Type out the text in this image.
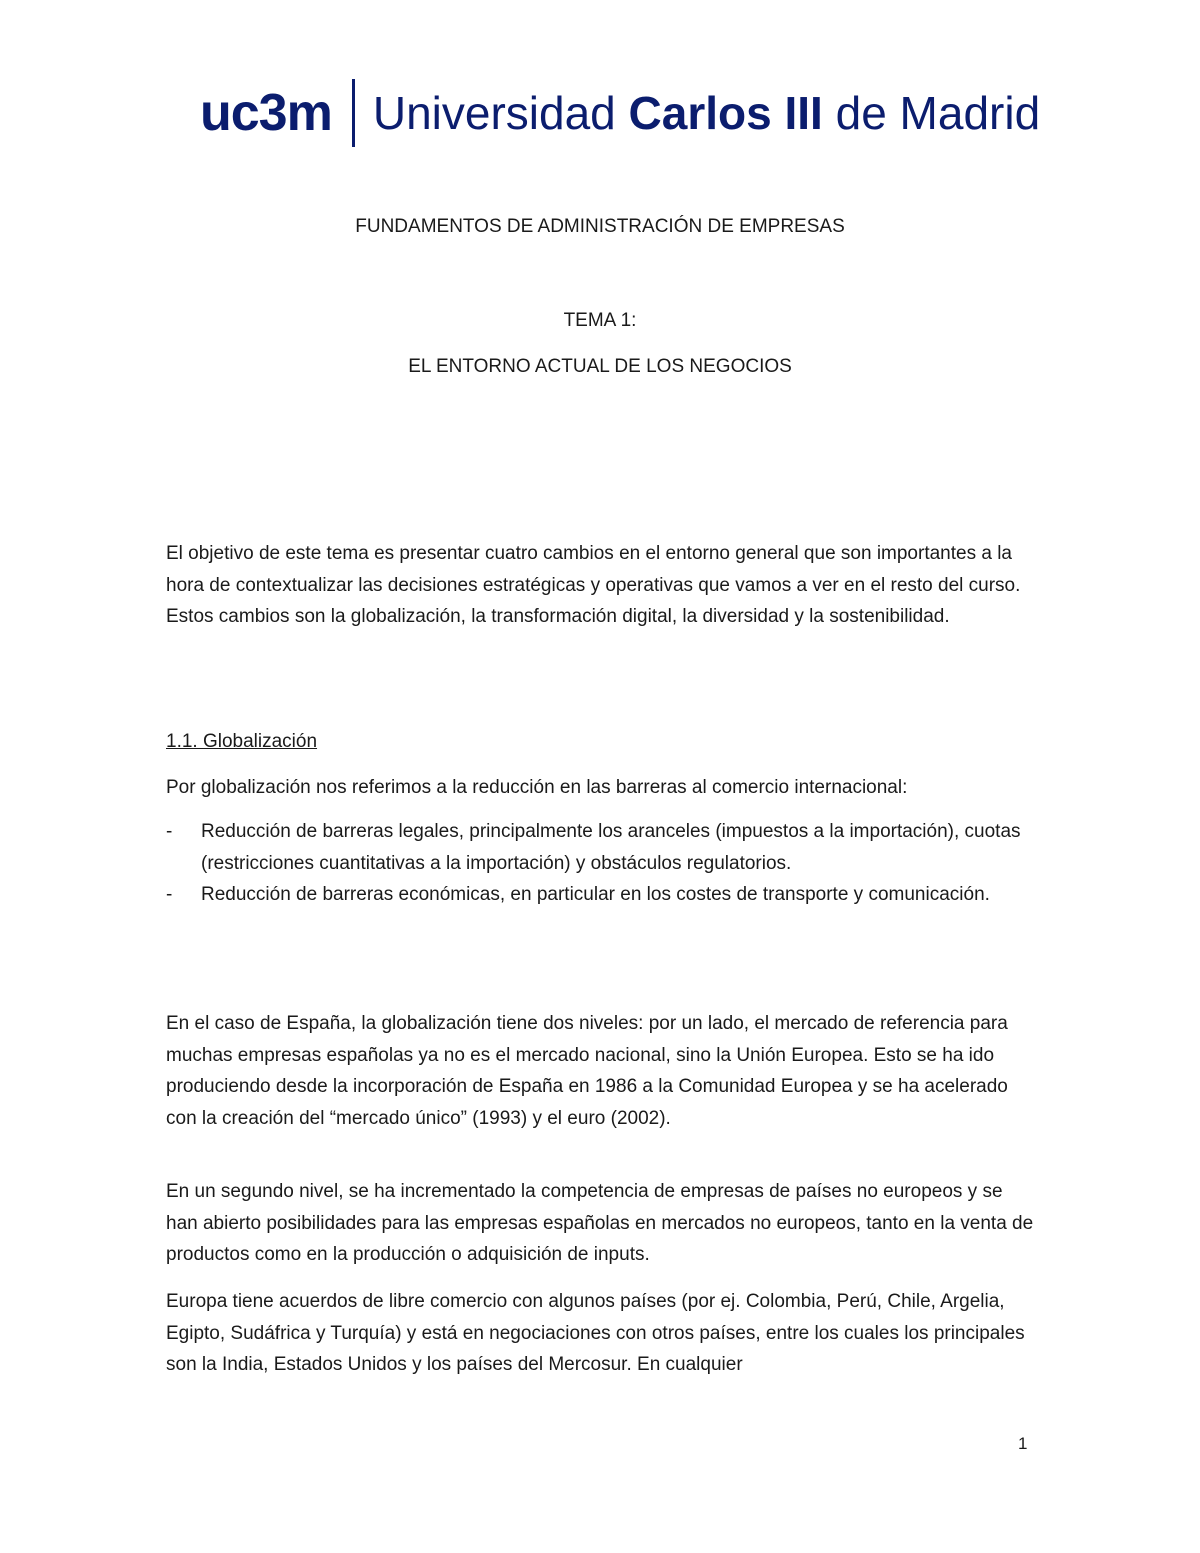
uc3m Universidad Carlos III de Madrid
FUNDAMENTOS DE ADMINISTRACIÓN DE EMPRESAS
TEMA 1:
EL ENTORNO ACTUAL DE LOS NEGOCIOS

El objetivo de este tema es presentar cuatro cambios en el entorno general que son importantes a la hora de contextualizar las decisiones estratégicas y operativas que vamos a ver en el resto del curso. Estos cambios son la globalización, la transformación digital, la diversidad y la sostenibilidad.

1.1. Globalización

Por globalización nos referimos a la reducción en las barreras al comercio internacional:

-	Reducción de barreras legales, principalmente los aranceles (impuestos a la importación), cuotas (restricciones cuantitativas a la importación) y obstáculos regulatorios.
-	Reducción de barreras económicas, en particular en los costes de transporte y comunicación.

En el caso de España, la globalización tiene dos niveles: por un lado, el mercado de referencia para muchas empresas españolas ya no es el mercado nacional, sino la Unión Europea. Esto se ha ido produciendo desde la incorporación de España en 1986 a la Comunidad Europea y se ha acelerado con la creación del “mercado único” (1993) y el euro (2002).

En un segundo nivel, se ha incrementado la competencia de empresas de países no europeos y se han abierto posibilidades para las empresas españolas en mercados no europeos, tanto en la venta de productos como en la producción o adquisición de inputs.

Europa tiene acuerdos de libre comercio con algunos países (por ej. Colombia, Perú, Chile, Argelia, Egipto, Sudáfrica y Turquía) y está en negociaciones con otros países, entre los cuales los principales son la India, Estados Unidos y los países del Mercosur. En cualquier

1
